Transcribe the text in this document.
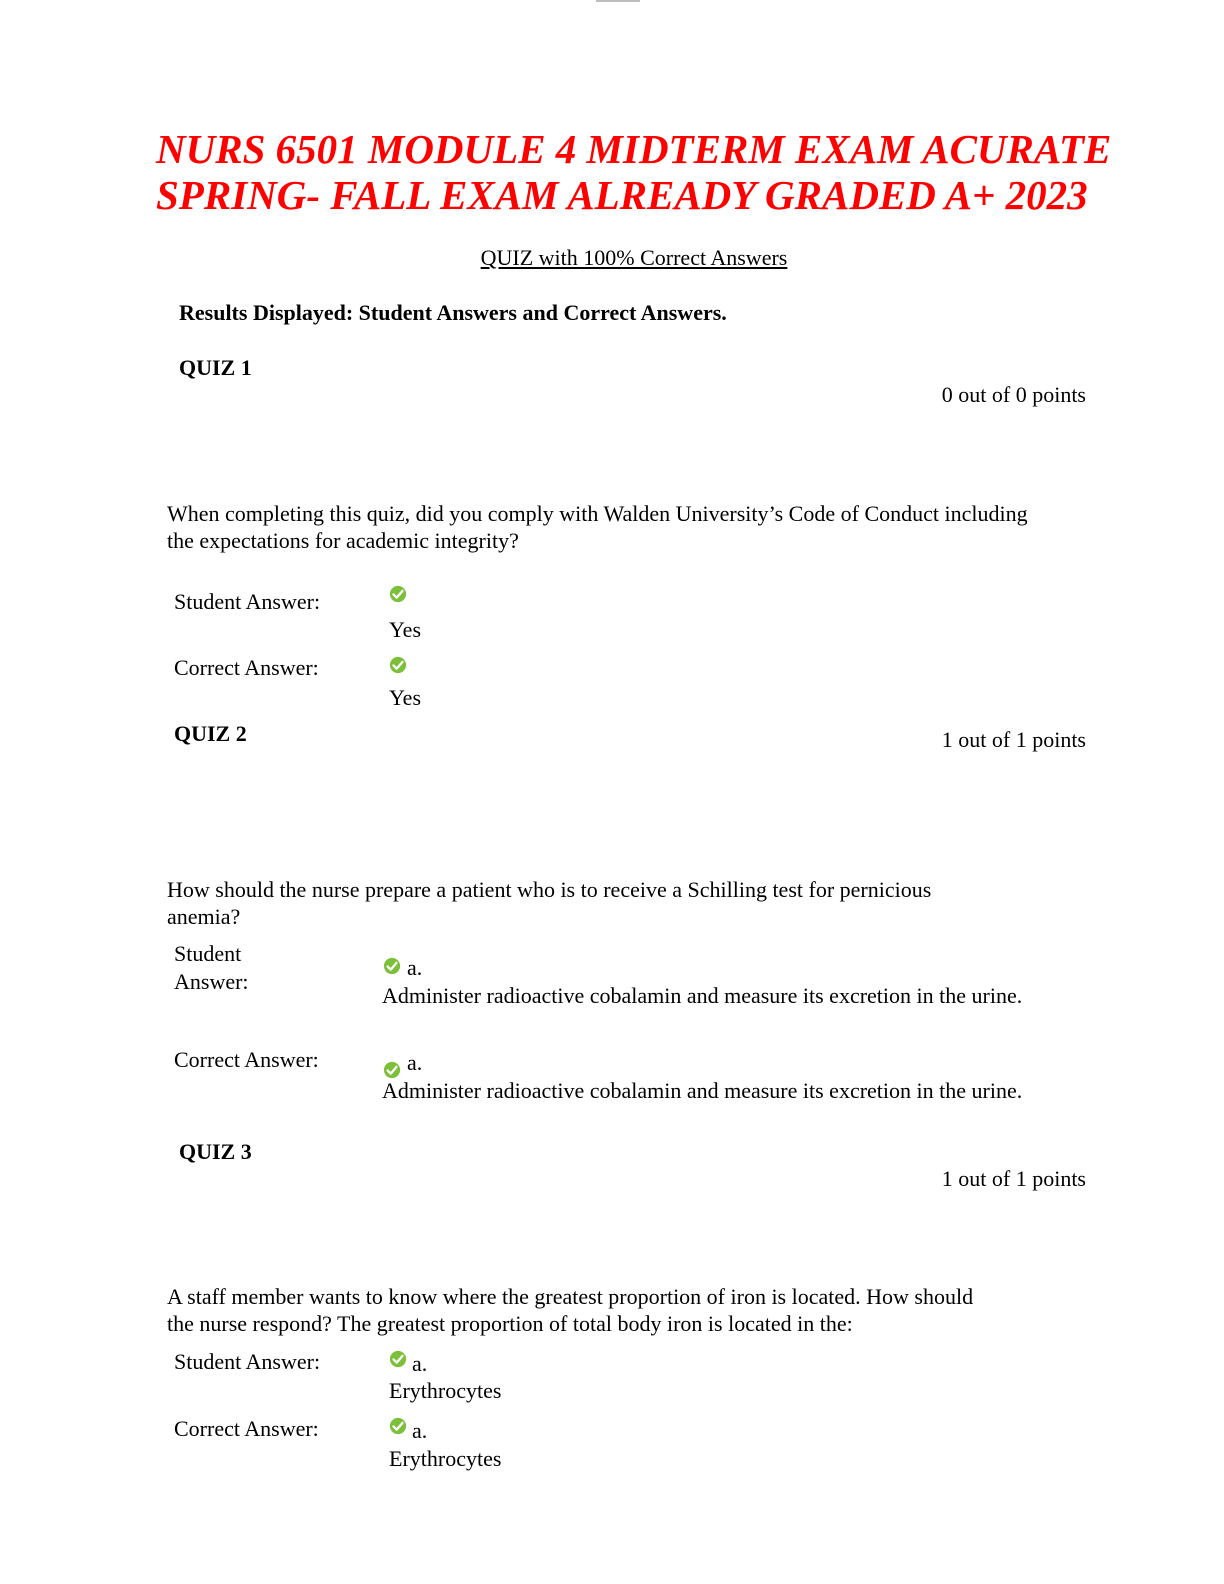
NURS 6501 MODULE 4 MIDTERM EXAM ACURATE
SPRING- FALL EXAM ALREADY GRADED A+ 2023
QUIZ with 100% Correct Answers
Results Displayed: Student Answers and Correct Answers.
QUIZ 1
0 out of 0 points
When completing this quiz, did you comply with Walden University’s Code of Conduct including the expectations for academic integrity?
Student Answer:
Yes
Correct Answer:
Yes
QUIZ 2	1 out of 1 points
How should the nurse prepare a patient who is to receive a Schilling test for pernicious anemia?
Student Answer:
a.
Administer radioactive cobalamin and measure its excretion in the urine.
Correct Answer:	a.
Administer radioactive cobalamin and measure its excretion in the urine.
QUIZ 3
1 out of 1 points
A staff member wants to know where the greatest proportion of iron is located. How should the nurse respond? The greatest proportion of total body iron is located in the:
Student Answer:	a.
Erythrocytes
Correct Answer:	a.
Erythrocytes
